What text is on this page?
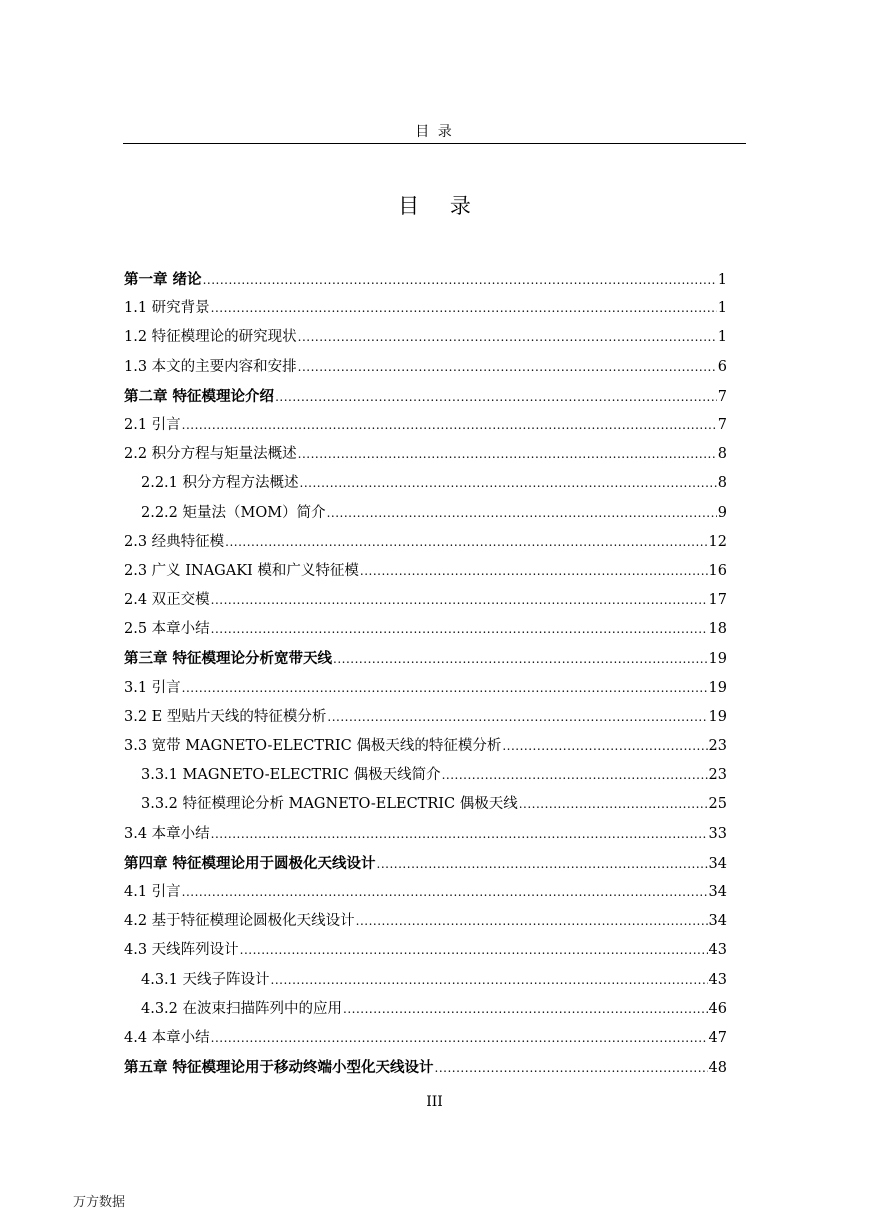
目 录
目 录
第一章 绪论 .....	1
1.1 研究背景 .....	1
1.2 特征模理论的研究现状 .....	1
1.3 本文的主要内容和安排 .....	6
第二章 特征模理论介绍 .....	7
2.1 引言 .....	7
2.2 积分方程与矩量法概述 .....	8
2.2.1 积分方程方法概述 .....	8
2.2.2 矩量法（MOM）简介 .....	9
2.3 经典特征模 .....	12
2.3 广义 INAGAKI 模和广义特征模 .....	16
2.4 双正交模 .....	17
2.5 本章小结 .....	18
第三章 特征模理论分析宽带天线 .....	19
3.1 引言 .....	19
3.2 E 型贴片天线的特征模分析 .....	19
3.3 宽带 MAGNETO-ELECTRIC 偶极天线的特征模分析 .....	23
3.3.1 MAGNETO-ELECTRIC 偶极天线简介 .....	23
3.3.2 特征模理论分析 MAGNETO-ELECTRIC 偶极天线 .....	25
3.4 本章小结 .....	33
第四章 特征模理论用于圆极化天线设计 .....	34
4.1 引言 .....	34
4.2 基于特征模理论圆极化天线设计 .....	34
4.3 天线阵列设计 .....	43
4.3.1 天线子阵设计 .....	43
4.3.2 在波束扫描阵列中的应用 .....	46
4.4 本章小结 .....	47
第五章 特征模理论用于移动终端小型化天线设计 .....	48
III
万方数据
